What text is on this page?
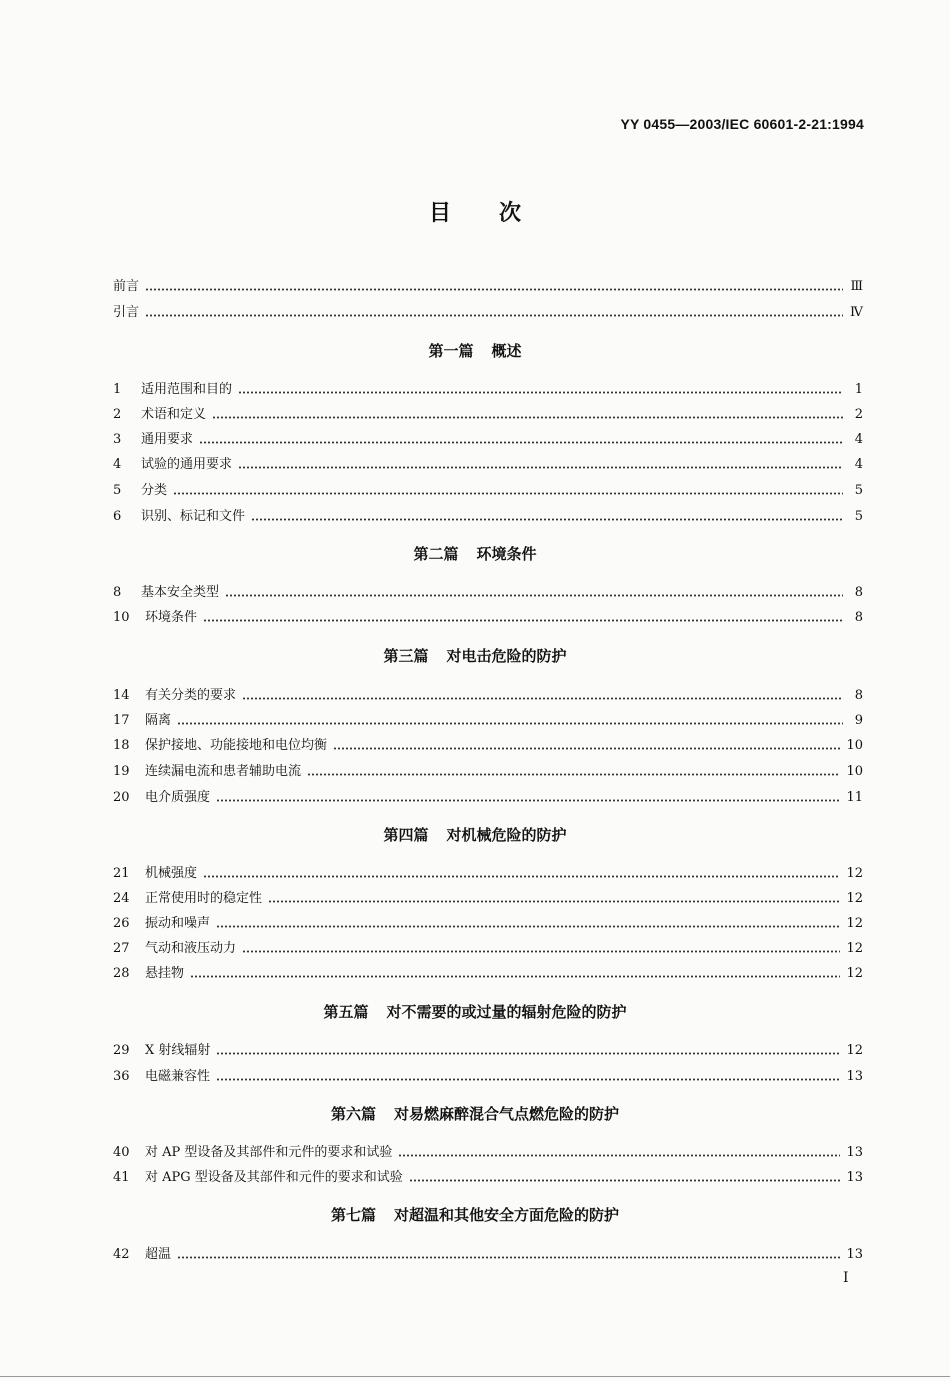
YY 0455—2003/IEC 60601-2-21:1994
目 次
前言	Ⅲ
引言	Ⅳ
第一篇 概述
1	适用范围和目的	1
2	术语和定义	2
3	通用要求	4
4	试验的通用要求	4
5	分类	5
6	识别、标记和文件	5
第二篇 环境条件
8	基本安全类型	8
10	环境条件	8
第三篇 对电击危险的防护
14	有关分类的要求	8
17	隔离	9
18	保护接地、功能接地和电位均衡	10
19	连续漏电流和患者辅助电流	10
20	电介质强度	11
第四篇 对机械危险的防护
21	机械强度	12
24	正常使用时的稳定性	12
26	振动和噪声	12
27	气动和液压动力	12
28	悬挂物	12
第五篇 对不需要的或过量的辐射危险的防护
29	X 射线辐射	12
36	电磁兼容性	13
第六篇 对易燃麻醉混合气点燃危险的防护
40	对 AP 型设备及其部件和元件的要求和试验	13
41	对 APG 型设备及其部件和元件的要求和试验	13
第七篇 对超温和其他安全方面危险的防护
42	超温	13
I
